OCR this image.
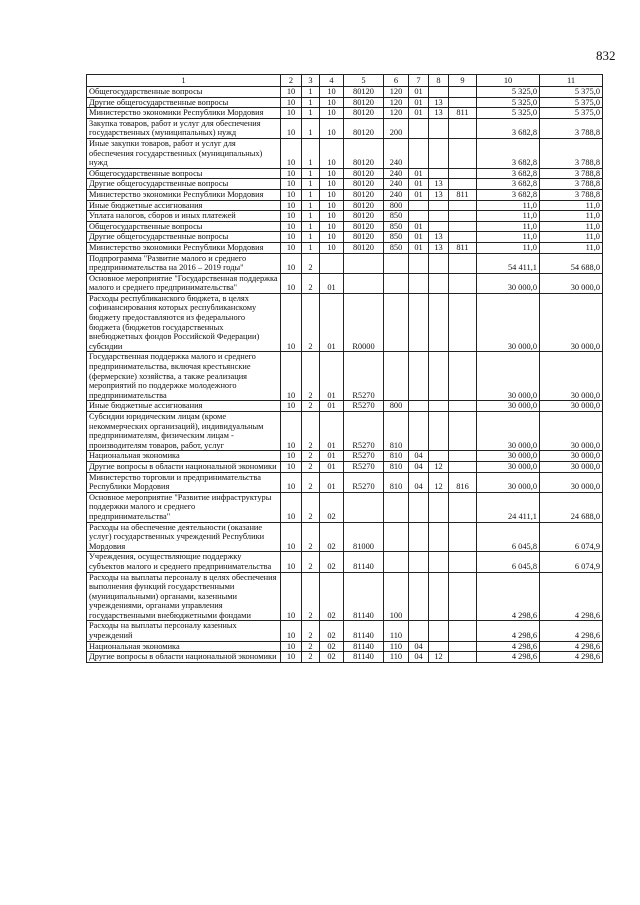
832
1	2	3	4	5	6	7	8	9	10	11
Общегосударственные вопросы	10	1	10	80120	120	01			5 325,0	5 375,0
Другие общегосударственные вопросы	10	1	10	80120	120	01	13		5 325,0	5 375,0
Министерство экономики Республики Мордовия	10	1	10	80120	120	01	13	811	5 325,0	5 375,0
Закупка товаров, работ и услуг для обеспечения государственных (муниципальных) нужд	10	1	10	80120	200				3 682,8	3 788,8
Иные закупки товаров, работ и услуг для обеспечения государственных (муниципальных) нужд	10	1	10	80120	240				3 682,8	3 788,8
Общегосударственные вопросы	10	1	10	80120	240	01			3 682,8	3 788,8
Другие общегосударственные вопросы	10	1	10	80120	240	01	13		3 682,8	3 788,8
Министерство экономики Республики Мордовия	10	1	10	80120	240	01	13	811	3 682,8	3 788,8
Иные бюджетные ассигнования	10	1	10	80120	800				11,0	11,0
Уплата налогов, сборов и иных платежей	10	1	10	80120	850				11,0	11,0
Общегосударственные вопросы	10	1	10	80120	850	01			11,0	11,0
Другие общегосударственные вопросы	10	1	10	80120	850	01	13		11,0	11,0
Министерство экономики Республики Мордовия	10	1	10	80120	850	01	13	811	11,0	11,0
Подпрограмма "Развитие малого и среднего предпринимательства на 2016 – 2019 годы"	10	2							54 411,1	54 688,0
Основное мероприятие "Государственная поддержка малого и среднего предпринимательства"	10	2	01						30 000,0	30 000,0
Расходы республиканского бюджета, в целях софинансирования которых республиканскому бюджету предоставляются из федерального бюджета (бюджетов государственных внебюджетных фондов Российской Федерации) субсидии	10	2	01	R0000					30 000,0	30 000,0
Государственная поддержка малого и среднего предпринимательства, включая крестьянские (фермерские) хозяйства, а также реализация мероприятий по поддержке молодежного предпринимательства	10	2	01	R5270					30 000,0	30 000,0
Иные бюджетные ассигнования	10	2	01	R5270	800				30 000,0	30 000,0
Субсидии юридическим лицам (кроме некоммерческих организаций), индивидуальным предпринимателям, физическим лицам - производителям товаров, работ, услуг	10	2	01	R5270	810				30 000,0	30 000,0
Национальная экономика	10	2	01	R5270	810	04			30 000,0	30 000,0
Другие вопросы в области национальной экономики	10	2	01	R5270	810	04	12		30 000,0	30 000,0
Министерство торговли и предпринимательства Республики Мордовия	10	2	01	R5270	810	04	12	816	30 000,0	30 000,0
Основное мероприятие "Развитие инфраструктуры поддержки малого и среднего предпринимательства"	10	2	02						24 411,1	24 688,0
Расходы на обеспечение деятельности (оказание услуг) государственных учреждений Республики Мордовия	10	2	02	81000					6 045,8	6 074,9
Учреждения, осуществляющие поддержку субъектов малого и среднего предпринимательства	10	2	02	81140					6 045,8	6 074,9
Расходы на выплаты персоналу в целях обеспечения выполнения функций государственными (муниципальными) органами, казенными учреждениями, органами управления государственными внебюджетными фондами	10	2	02	81140	100				4 298,6	4 298,6
Расходы на выплаты персоналу казенных учреждений	10	2	02	81140	110				4 298,6	4 298,6
Национальная экономика	10	2	02	81140	110	04			4 298,6	4 298,6
Другие вопросы в области национальной экономики	10	2	02	81140	110	04	12		4 298,6	4 298,6
